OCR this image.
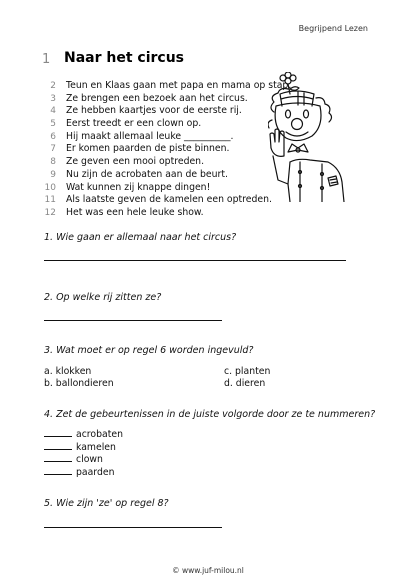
Begrijpend Lezen
1 Naar het circus
2 Teun en Klaas gaan met papa en mama op stap.
3 Ze brengen een bezoek aan het circus.
4 Ze hebben kaartjes voor de eerste rij.
5 Eerst treedt er een clown op.
6 Hij maakt allemaal leuke __________.
7 Er komen paarden de piste binnen.
8 Ze geven een mooi optreden.
9 Nu zijn de acrobaten aan de beurt.
10 Wat kunnen zij knappe dingen!
11 Als laatste geven de kamelen een optreden.
12 Het was een hele leuke show.
1. Wie gaan er allemaal naar het circus?
2. Op welke rij zitten ze?
3. Wat moet er op regel 6 worden ingevuld?
a. klokken
b. ballondieren
c. planten
d. dieren
4. Zet de gebeurtenissen in de juiste volgorde door ze te nummeren?
acrobaten
kamelen
clown
paarden
5. Wie zijn 'ze' op regel 8?
© www.juf-milou.nl
